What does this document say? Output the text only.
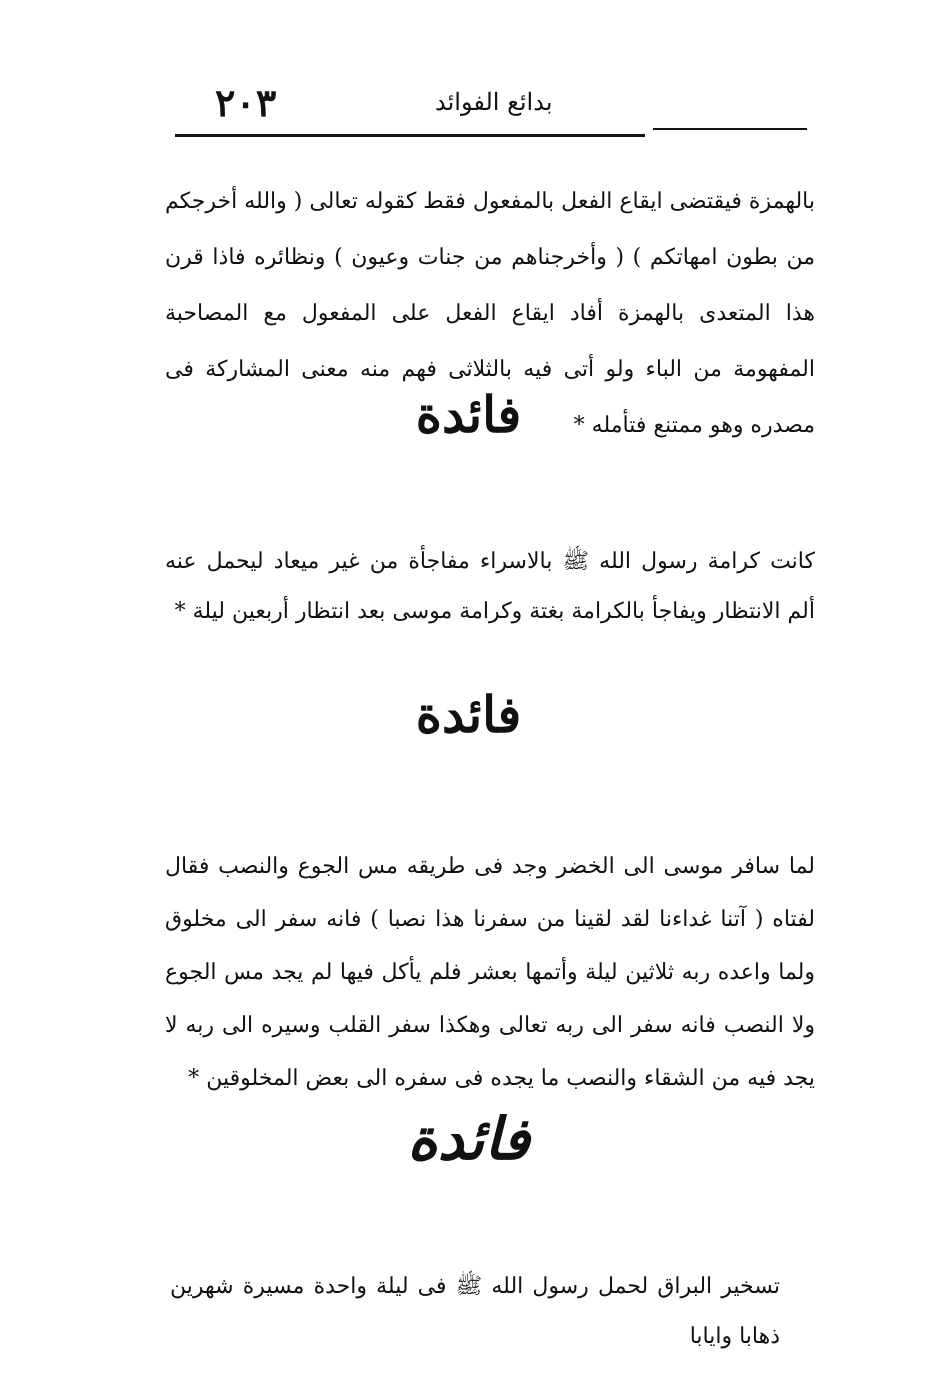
٢٠٣	بدائع الفوائد

بالهمزة فيقتضى ايقاع الفعل بالمفعول فقط كقوله تعالى ( والله أخرجكم من بطون امهاتكم ) ( وأخرجناهم من جنات وعيون ) ونظائره فاذا قرن هذا المتعدى بالهمزة أفاد ايقاع الفعل على المفعول مع المصاحبة المفهومة من الباء ولو أتى فيه بالثلاثى فهم منه معنى المشاركة فى مصدره وهو ممتنع فتأمله *

فائدة

كانت كرامة رسول الله ﷺ بالاسراء مفاجأة من غير ميعاد ليحمل عنه ألم الانتظار ويفاجأ بالكرامة بغتة وكرامة موسى بعد انتظار أربعين ليلة *

فائدة

لما سافر موسى الى الخضر وجد فى طريقه مس الجوع والنصب فقال لفتاه ( آتنا غداءنا لقد لقينا من سفرنا هذا نصبا ) فانه سفر الى مخلوق ولما واعده ربه ثلاثين ليلة وأتمها بعشر فلم يأكل فيها لم يجد مس الجوع ولا النصب فانه سفر الى ربه تعالى وهكذا سفر القلب وسيره الى ربه لا يجد فيه من الشقاء والنصب ما يجده فى سفره الى بعض المخلوقين *

فائدة

تسخير البراق لحمل رسول الله ﷺ فى ليلة واحدة مسيرة شهرين ذهابا وايابا
